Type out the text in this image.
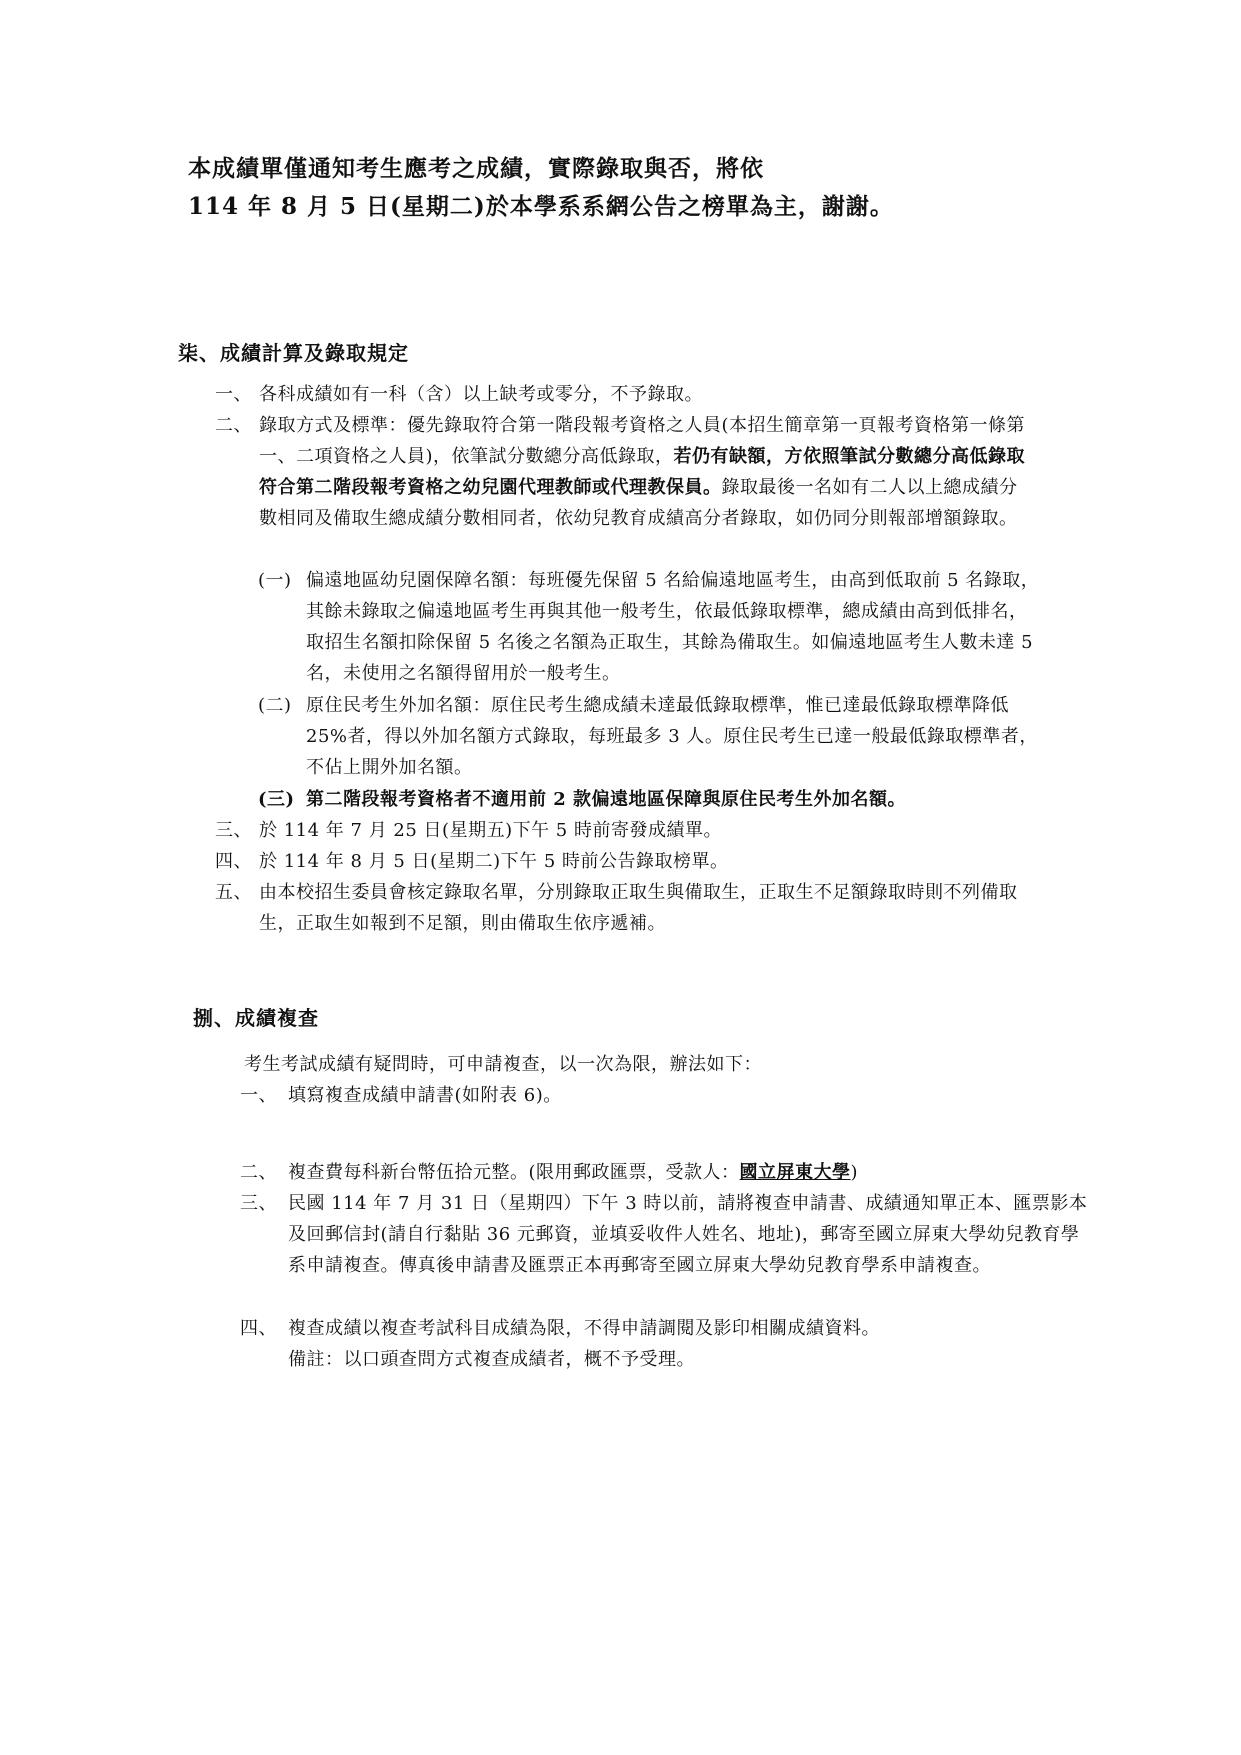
本成績單僅通知考生應考之成績，實際錄取與否，將依
114 年 8 月 5 日(星期二)於本學系系網公告之榜單為主，謝謝。
柒、成績計算及錄取規定
一、 各科成績如有一科（含）以上缺考或零分，不予錄取。
二、 錄取方式及標準：優先錄取符合第一階段報考資格之人員(本招生簡章第一頁報考資格第一條第一、二項資格之人員)，依筆試分數總分高低錄取，若仍有缺額，方依照筆試分數總分高低錄取符合第二階段報考資格之幼兒園代理教師或代理教保員。錄取最後一名如有二人以上總成績分數相同及備取生總成績分數相同者，依幼兒教育成績高分者錄取，如仍同分則報部增額錄取。
(一) 偏遠地區幼兒園保障名額：每班優先保留 5 名給偏遠地區考生，由高到低取前 5 名錄取，其餘未錄取之偏遠地區考生再與其他一般考生，依最低錄取標準，總成績由高到低排名，取招生名額扣除保留 5 名後之名額為正取生，其餘為備取生。如偏遠地區考生人數未達 5 名，未使用之名額得留用於一般考生。
(二) 原住民考生外加名額：原住民考生總成績未達最低錄取標準，惟已達最低錄取標準降低 25%者，得以外加名額方式錄取，每班最多 3 人。原住民考生已達一般最低錄取標準者，不佔上開外加名額。
(三) 第二階段報考資格者不適用前 2 款偏遠地區保障與原住民考生外加名額。
三、 於 114 年 7 月 25 日(星期五)下午 5 時前寄發成績單。
四、 於 114 年 8 月 5 日(星期二)下午 5 時前公告錄取榜單。
五、 由本校招生委員會核定錄取名單，分別錄取正取生與備取生，正取生不足額錄取時則不列備取生，正取生如報到不足額，則由備取生依序遞補。
捌、成績複查
考生考試成績有疑問時，可申請複查，以一次為限，辦法如下：
一、 填寫複查成績申請書(如附表 6)。
二、 複查費每科新台幣伍拾元整。(限用郵政匯票，受款人：國立屏東大學)
三、 民國 114 年 7 月 31 日（星期四）下午 3 時以前，請將複查申請書、成績通知單正本、匯票影本及回郵信封(請自行黏貼 36 元郵資，並填妥收件人姓名、地址)，郵寄至國立屏東大學幼兒教育學系申請複查。傳真後申請書及匯票正本再郵寄至國立屏東大學幼兒教育學系申請複查。
四、 複查成績以複查考試科目成績為限，不得申請調閱及影印相關成績資料。
備註：以口頭查問方式複查成績者，概不予受理。
